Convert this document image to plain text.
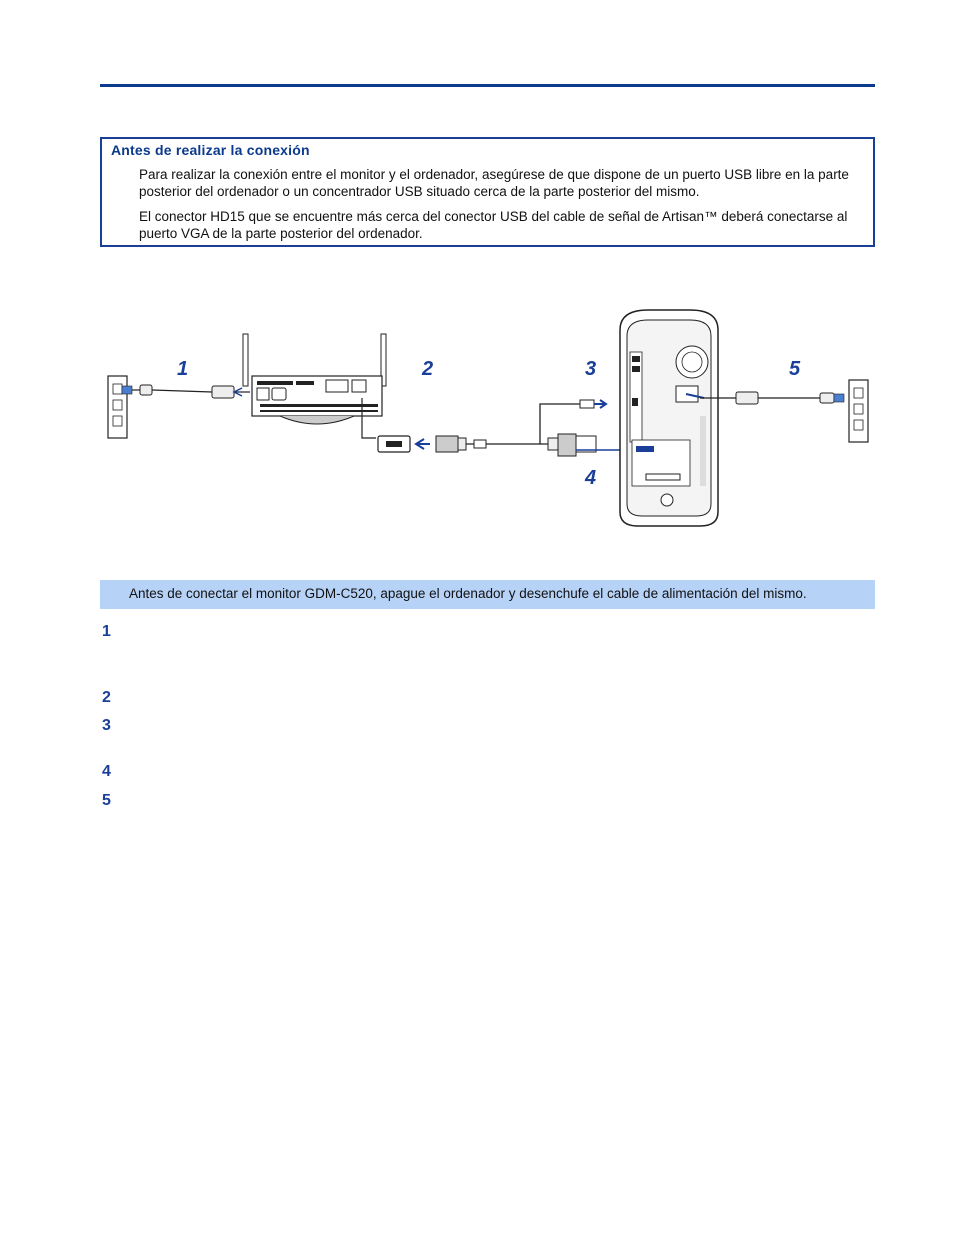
Antes de realizar la conexión
Para realizar la conexión entre el monitor y el ordenador, asegúrese de que dispone de un puerto USB libre en la parte posterior del ordenador o un concentrador USB situado cerca de la parte posterior del mismo.
El conector HD15 que se encuentre más cerca del conector USB del cable de señal de Artisan™ deberá conectarse al puerto VGA de la parte posterior del ordenador.
1	2	3
4
5
Antes de conectar el monitor GDM-C520, apague el ordenador y desenchufe el cable de alimentación del mismo.
1
2
3
4
5
